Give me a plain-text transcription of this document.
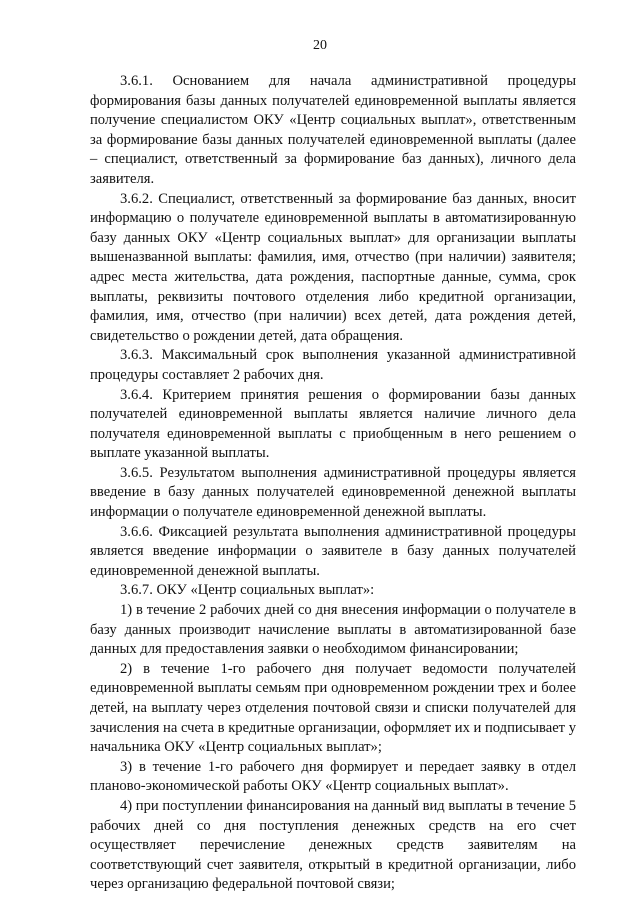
20

3.6.1. Основанием для начала административной процедуры формирования базы данных получателей единовременной выплаты является получение специалистом ОКУ «Центр социальных выплат», ответственным за формирование базы данных получателей единовременной выплаты (далее – специалист, ответственный за формирование баз данных), личного дела заявителя.

3.6.2. Специалист, ответственный за формирование баз данных, вносит информацию о получателе единовременной выплаты в автоматизированную базу данных ОКУ «Центр социальных выплат» для организации выплаты вышеназванной выплаты: фамилия, имя, отчество (при наличии) заявителя; адрес места жительства, дата рождения, паспортные данные, сумма, срок выплаты, реквизиты почтового отделения либо кредитной организации, фамилия, имя, отчество (при наличии) всех детей, дата рождения детей, свидетельство о рождении детей, дата обращения.

3.6.3. Максимальный срок выполнения указанной административной процедуры составляет 2 рабочих дня.

3.6.4. Критерием принятия решения о формировании базы данных получателей единовременной выплаты является наличие личного дела получателя единовременной выплаты с приобщенным в него решением о выплате указанной выплаты.

3.6.5. Результатом выполнения административной процедуры является введение в базу данных получателей единовременной денежной выплаты информации о получателе единовременной денежной выплаты.

3.6.6. Фиксацией результата выполнения административной процедуры является введение информации о заявителе в базу данных получателей единовременной денежной выплаты.

3.6.7. ОКУ «Центр социальных выплат»:

1) в течение 2 рабочих дней со дня внесения информации о получателе в базу данных производит начисление выплаты в автоматизированной базе данных для предоставления заявки о необходимом финансировании;

2) в течение 1-го рабочего дня получает ведомости получателей единовременной выплаты семьям при одновременном рождении трех и более детей, на выплату через отделения почтовой связи и списки получателей для зачисления на счета в кредитные организации, оформляет их и подписывает у начальника ОКУ «Центр социальных выплат»;

3) в течение 1-го рабочего дня формирует и передает заявку в отдел планово-экономической работы ОКУ «Центр социальных выплат».

4) при поступлении финансирования на данный вид выплаты в течение 5 рабочих дней со дня поступления денежных средств на его счет осуществляет перечисление денежных средств заявителям на соответствующий счет заявителя, открытый в кредитной организации, либо через организацию федеральной почтовой связи;
